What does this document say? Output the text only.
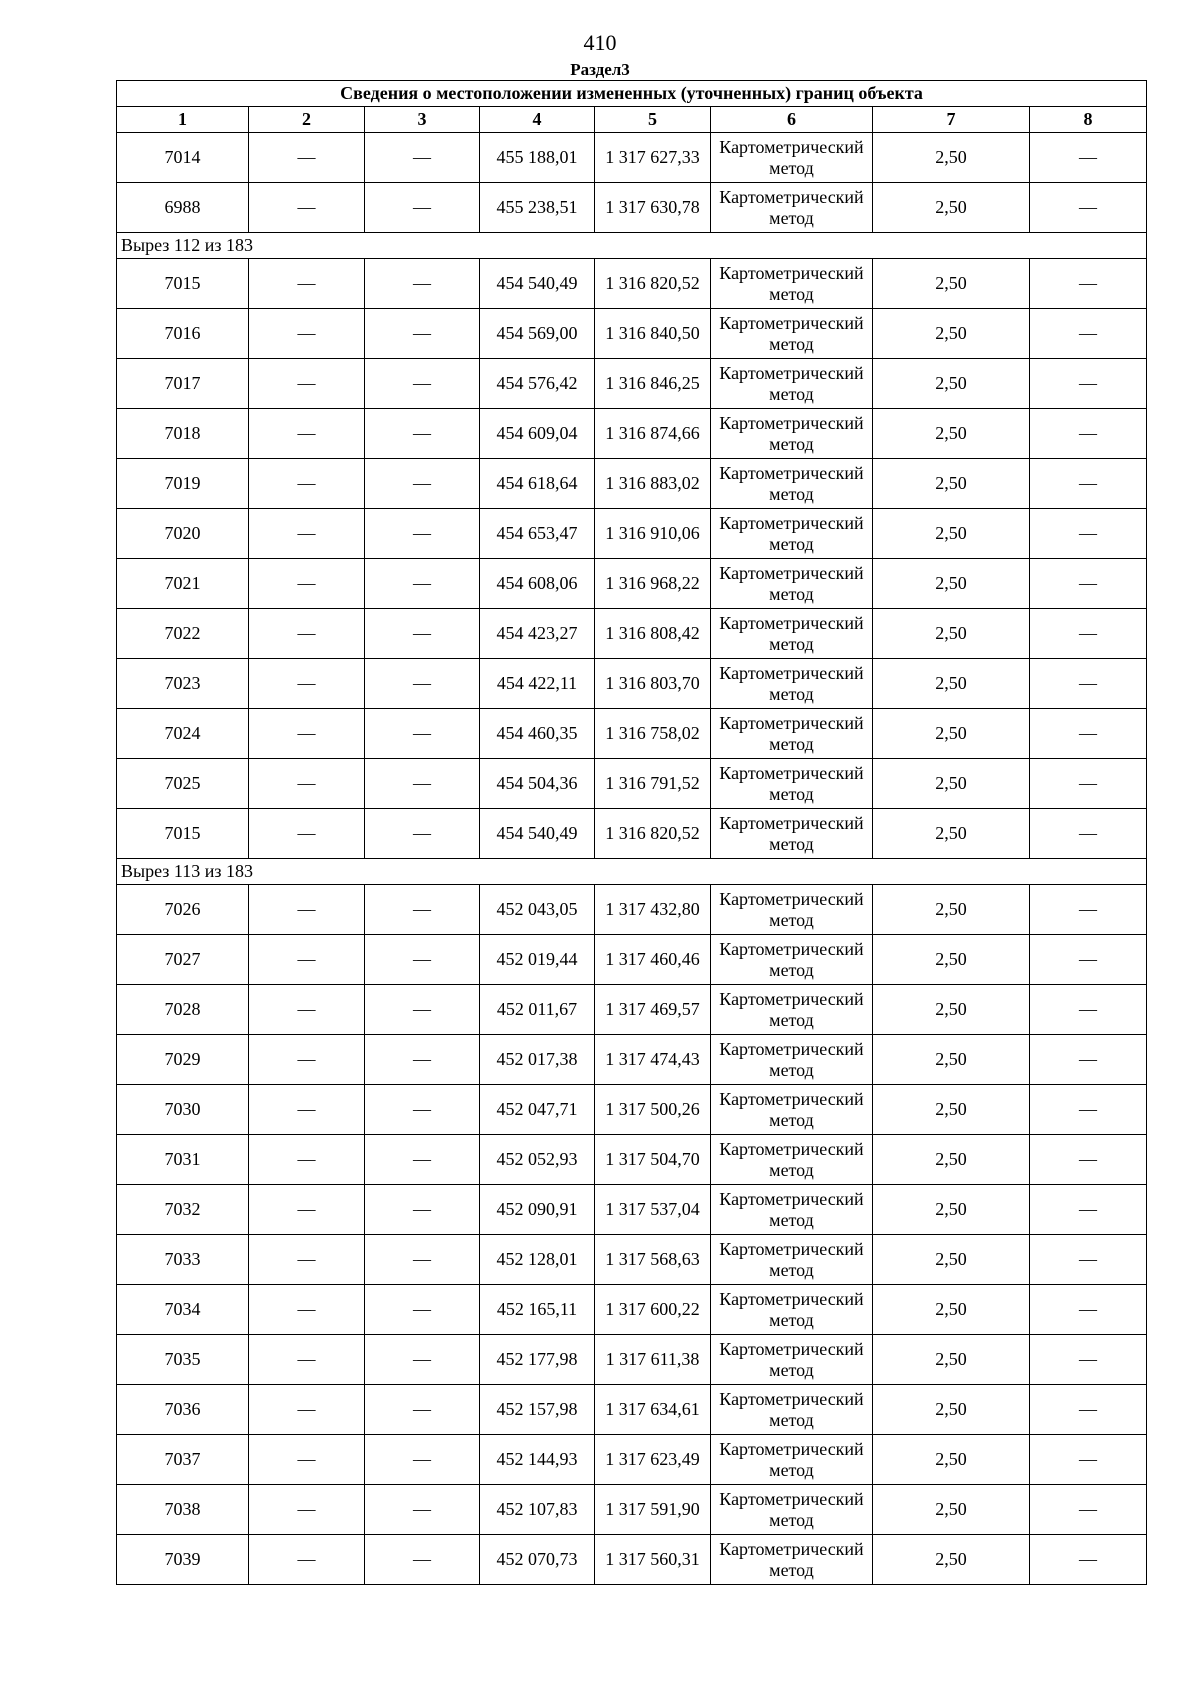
410
Раздел3
Сведения о местоположении измененных (уточненных) границ объекта							
1	2	3	4	5	6	7	8
7014	—	—	455 188,01	1 317 627,33	Картометрический метод	2,50	—
6988	—	—	455 238,51	1 317 630,78	Картометрический метод	2,50	—
Вырез 112 из 183							
7015	—	—	454 540,49	1 316 820,52	Картометрический метод	2,50	—
7016	—	—	454 569,00	1 316 840,50	Картометрический метод	2,50	—
7017	—	—	454 576,42	1 316 846,25	Картометрический метод	2,50	—
7018	—	—	454 609,04	1 316 874,66	Картометрический метод	2,50	—
7019	—	—	454 618,64	1 316 883,02	Картометрический метод	2,50	—
7020	—	—	454 653,47	1 316 910,06	Картометрический метод	2,50	—
7021	—	—	454 608,06	1 316 968,22	Картометрический метод	2,50	—
7022	—	—	454 423,27	1 316 808,42	Картометрический метод	2,50	—
7023	—	—	454 422,11	1 316 803,70	Картометрический метод	2,50	—
7024	—	—	454 460,35	1 316 758,02	Картометрический метод	2,50	—
7025	—	—	454 504,36	1 316 791,52	Картометрический метод	2,50	—
7015	—	—	454 540,49	1 316 820,52	Картометрический метод	2,50	—
Вырез 113 из 183							
7026	—	—	452 043,05	1 317 432,80	Картометрический метод	2,50	—
7027	—	—	452 019,44	1 317 460,46	Картометрический метод	2,50	—
7028	—	—	452 011,67	1 317 469,57	Картометрический метод	2,50	—
7029	—	—	452 017,38	1 317 474,43	Картометрический метод	2,50	—
7030	—	—	452 047,71	1 317 500,26	Картометрический метод	2,50	—
7031	—	—	452 052,93	1 317 504,70	Картометрический метод	2,50	—
7032	—	—	452 090,91	1 317 537,04	Картометрический метод	2,50	—
7033	—	—	452 128,01	1 317 568,63	Картометрический метод	2,50	—
7034	—	—	452 165,11	1 317 600,22	Картометрический метод	2,50	—
7035	—	—	452 177,98	1 317 611,38	Картометрический метод	2,50	—
7036	—	—	452 157,98	1 317 634,61	Картометрический метод	2,50	—
7037	—	—	452 144,93	1 317 623,49	Картометрический метод	2,50	—
7038	—	—	452 107,83	1 317 591,90	Картометрический метод	2,50	—
7039	—	—	452 070,73	1 317 560,31	Картометрический метод	2,50	—
